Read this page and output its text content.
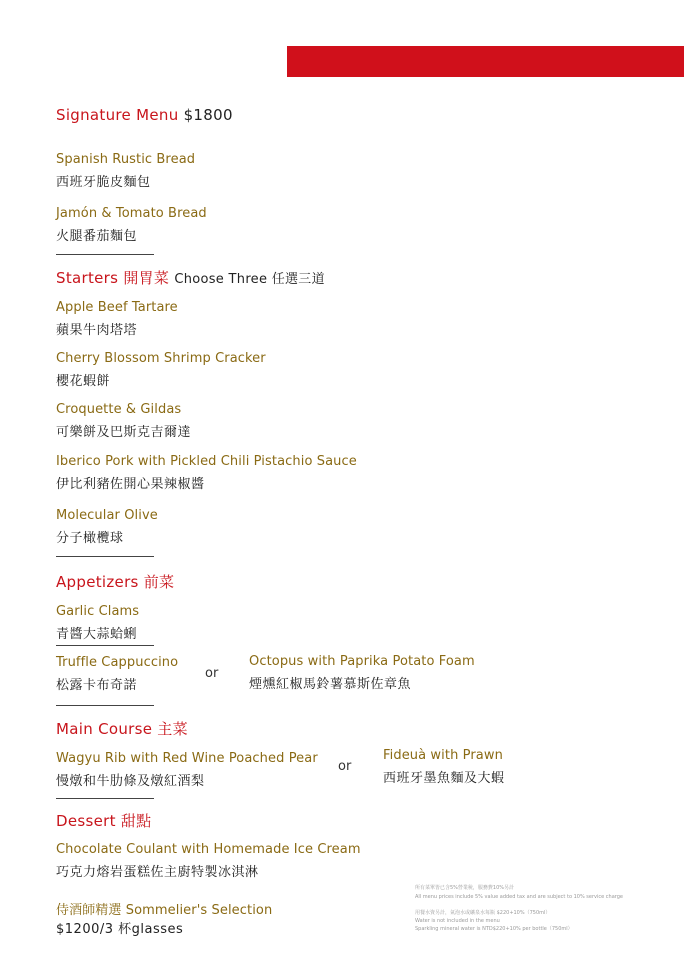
Signature Menu $1800
Spanish Rustic Bread
西班牙脆皮麵包
Jamón & Tomato Bread
火腿番茄麵包
Starters 開胃菜 Choose Three 任選三道
Apple Beef Tartare
蘋果牛肉塔塔
Cherry Blossom Shrimp Cracker
櫻花蝦餅
Croquette & Gildas
可樂餅及巴斯克吉爾達
Iberico Pork with Pickled Chili Pistachio Sauce
伊比利豬佐開心果辣椒醬
Molecular Olive
分子橄欖球
Appetizers 前菜
Garlic Clams
青醬大蒜蛤蜊
Truffle Cappuccino
松露卡布奇諾
or
Octopus with Paprika Potato Foam
煙燻紅椒馬鈴薯慕斯佐章魚
Main Course 主菜
Wagyu Rib with Red Wine Poached Pear
慢燉和牛肋條及燉紅酒梨
or
Fideuà with Prawn
西班牙墨魚麵及大蝦
Dessert 甜點
Chocolate Coulant with Homemade Ice Cream
巧克力熔岩蛋糕佐主廚特製冰淇淋
侍酒師精選 Sommelier's Selection
$1200/3 杯glasses
所有菜單皆已含5%營業稅，服務費10%另計
All menu prices include 5% value added tax and are subject to 10% service charge
用餐水資另計，氣泡水或礦泉水每瓶 $220+10%（750ml）
Water is not included in the menu
Sparkling mineral water is NTD$220+10% per bottle（750ml）
